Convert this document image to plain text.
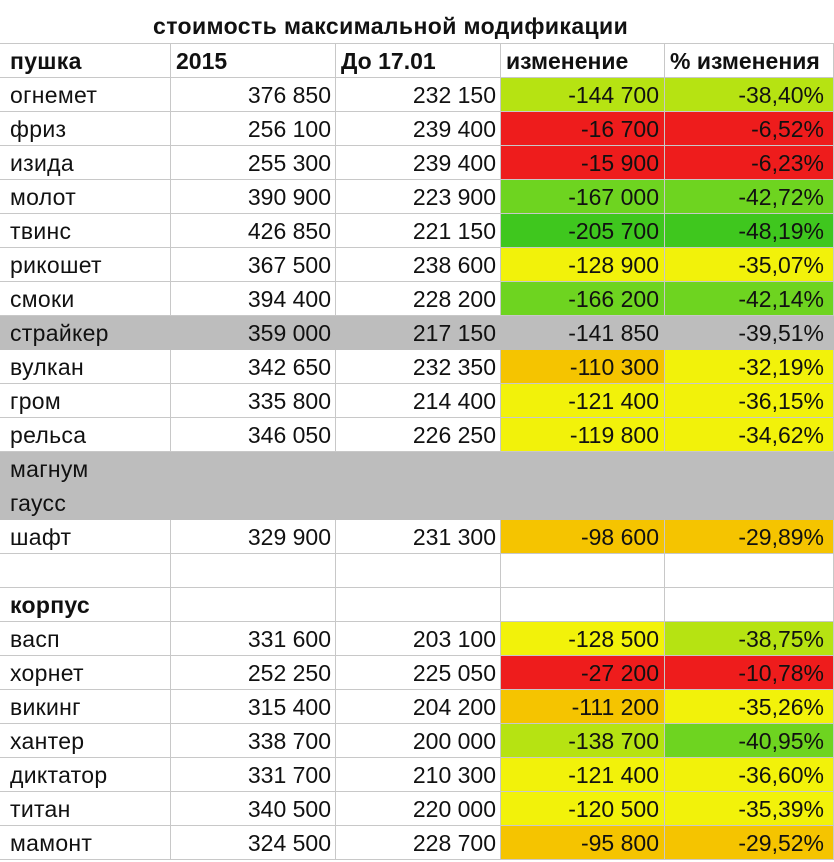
стоимость максимальной модификации
пушка	2015	До 17.01	изменение	% изменения
огнемет	376 850	232 150	-144 700	-38,40%
фриз	256 100	239 400	-16 700	-6,52%
изида	255 300	239 400	-15 900	-6,23%
молот	390 900	223 900	-167 000	-42,72%
твинс	426 850	221 150	-205 700	-48,19%
рикошет	367 500	238 600	-128 900	-35,07%
смоки	394 400	228 200	-166 200	-42,14%
страйкер	359 000	217 150	-141 850	-39,51%
вулкан	342 650	232 350	-110 300	-32,19%
гром	335 800	214 400	-121 400	-36,15%
рельса	346 050	226 250	-119 800	-34,62%
магнум
гаусс
шафт	329 900	231 300	-98 600	-29,89%
корпус
васп	331 600	203 100	-128 500	-38,75%
хорнет	252 250	225 050	-27 200	-10,78%
викинг	315 400	204 200	-111 200	-35,26%
хантер	338 700	200 000	-138 700	-40,95%
диктатор	331 700	210 300	-121 400	-36,60%
титан	340 500	220 000	-120 500	-35,39%
мамонт	324 500	228 700	-95 800	-29,52%
